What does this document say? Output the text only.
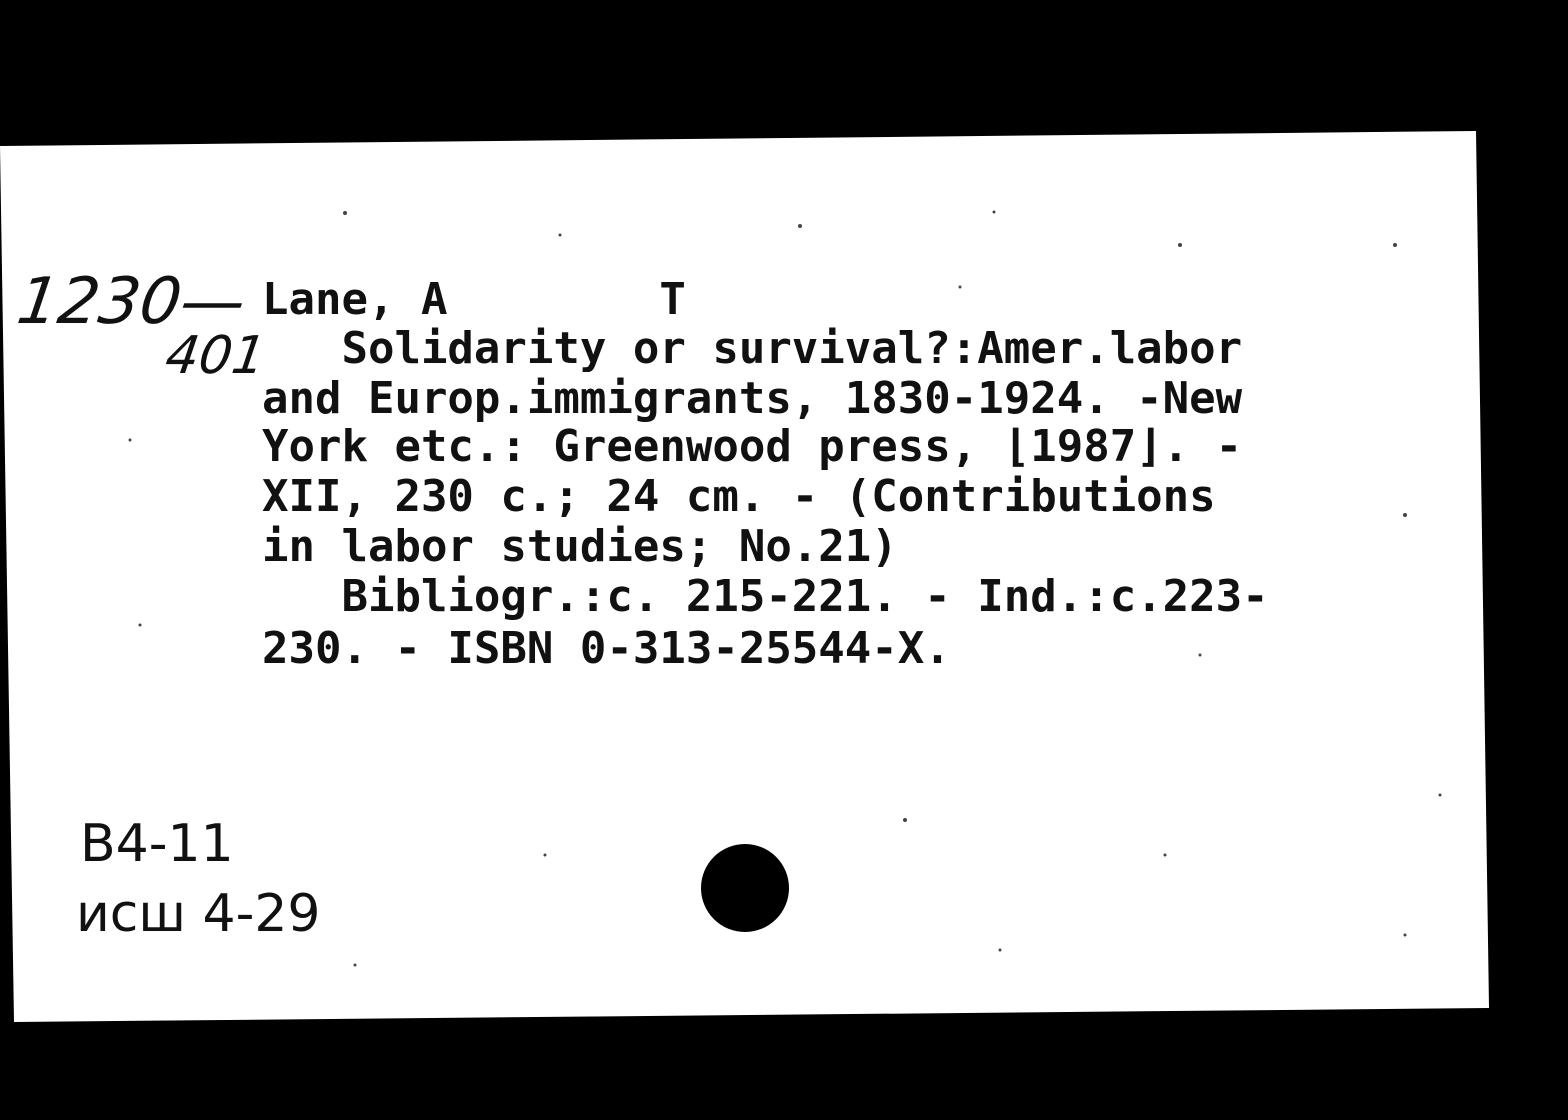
1230—
401
Lane, A        T
Solidarity or survival?:Amer.labor
and Europ.immigrants, 1830-1924. -New
York etc.: Greenwood press, ⌊1987⌋. -
XII, 230 c.; 24 cm. - (Contributions
in labor studies; No.21)
Bibliogr.:c. 215-221. - Ind.:c.223-
230. - ISBN 0-313-25544-X.
B4-11
исш 4-29
